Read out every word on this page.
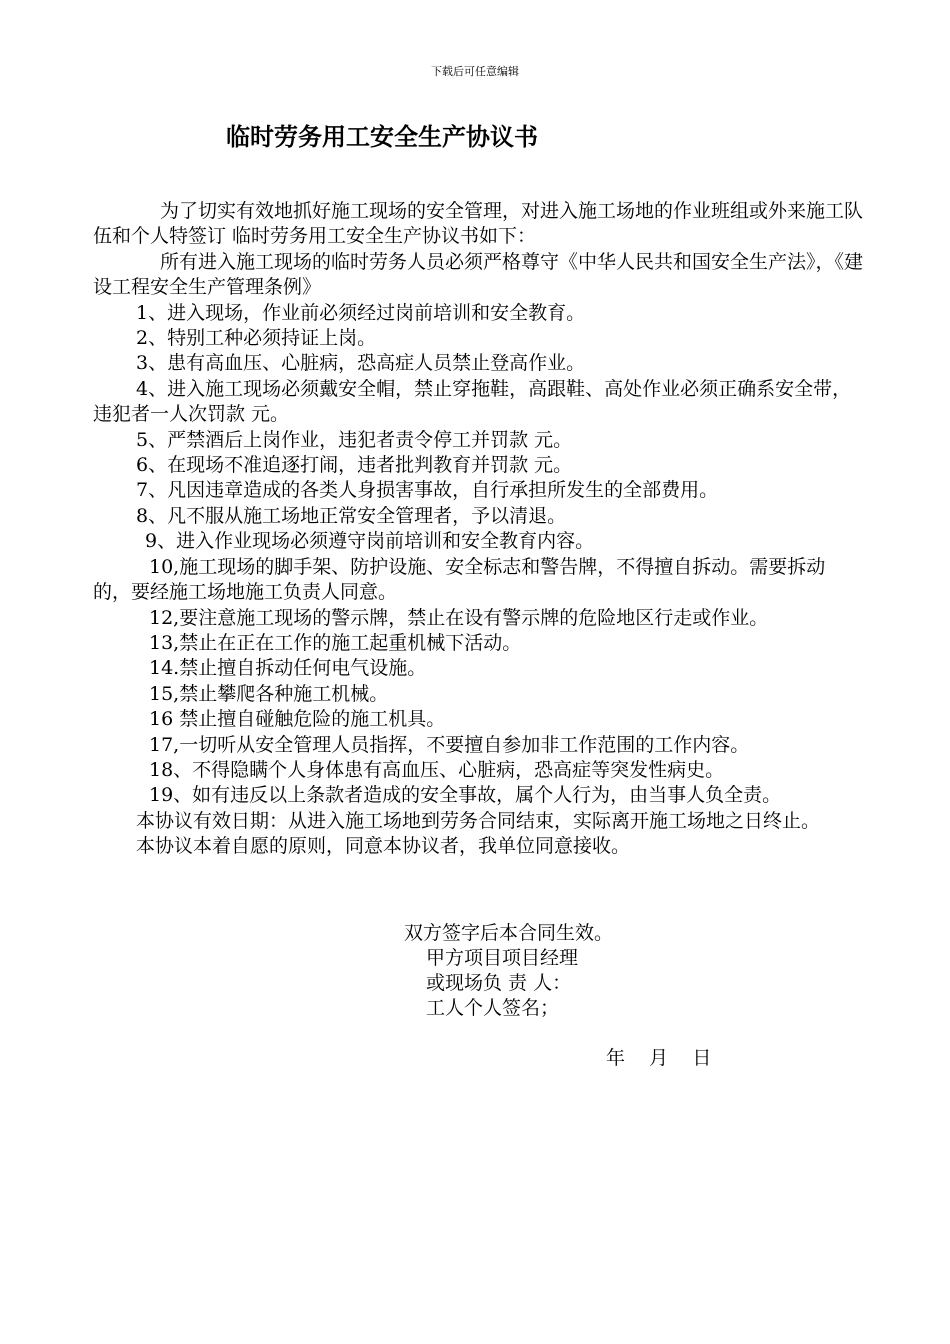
下载后可任意编辑
临时劳务用工安全生产协议书

为了切实有效地抓好施工现场的安全管理，对进入施工场地的作业班组或外来施工队伍和个人特签订 临时劳务用工安全生产协议书如下：

所有进入施工现场的临时劳务人员必须严格尊守《中华人民共和国安全生产法》，《建设工程安全生产管理条例》

1、进入现场，作业前必须经过岗前培训和安全教育。

2、特别工种必须持证上岗。

3、患有高血压、心脏病，恐高症人员禁止登高作业。

4、进入施工现场必须戴安全帽，禁止穿拖鞋，高跟鞋、高处作业必须正确系安全带，违犯者一人次罚款 元。

5、严禁酒后上岗作业，违犯者责令停工并罚款 元。

6、在现场不准追逐打闹，违者批判教育并罚款 元。

7、凡因违章造成的各类人身损害事故，自行承担所发生的全部费用。

8、凡不服从施工场地正常安全管理者，予以清退。

9、进入作业现场必须遵守岗前培训和安全教育内容。

10,施工现场的脚手架、防护设施、安全标志和警告牌，不得擅自拆动。需要拆动的，要经施工场地施工负责人同意。

12,要注意施工现场的警示牌，禁止在设有警示牌的危险地区行走或作业。

13,禁止在正在工作的施工起重机械下活动。

14.禁止擅自拆动任何电气设施。

15,禁止攀爬各种施工机械。

16 禁止擅自碰触危险的施工机具。

17,一切听从安全管理人员指挥，不要擅自参加非工作范围的工作内容。

18、不得隐瞒个人身体患有高血压、心脏病，恐高症等突发性病史。

19、如有违反以上条款者造成的安全事故，属个人行为，由当事人负全责。

本协议有效日期：从进入施工场地到劳务合同结束，实际离开施工场地之日终止。

本协议本着自愿的原则，同意本协议者，我单位同意接收。

双方签字后本合同生效。
甲方项目项目经理
或现场负 责 人：
工人个人签名；
年    月    日
